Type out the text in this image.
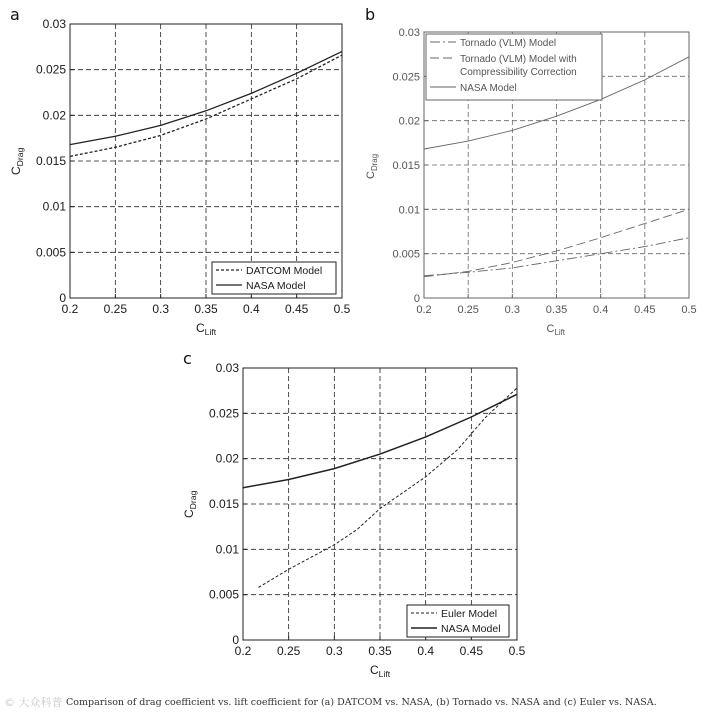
a
0.2 0.25 0.3 0.35 0.4 0.45 0.5
0
0.005
0.01
0.015
0.02
0.025
0.03
$C_{Lift}$
$C_{Drag}$
DATCOM Model
NASA Model
b
0.2 0.25 0.3 0.35 0.4 0.45 0.5
0
0.005
0.01
0.015
0.02
0.025
0.03
$C_{Lift}$
$C_{Drag}$
Tornado (VLM) Model
Tornado (VLM) Model with Compressibility Correction
NASA Model
c
0.2 0.25 0.3 0.35 0.4 0.45 0.5
0
0.005
0.01
0.015
0.02
0.025
0.03
$C_{Lift}$
$C_{Drag}$
Euler Model
NASA Model
© 大众科普 Comparison of drag coefficient vs. lift coefficient for (a) DATCOM vs. NASA, (b) Tornado vs. NASA and (c) Euler vs. NASA.
